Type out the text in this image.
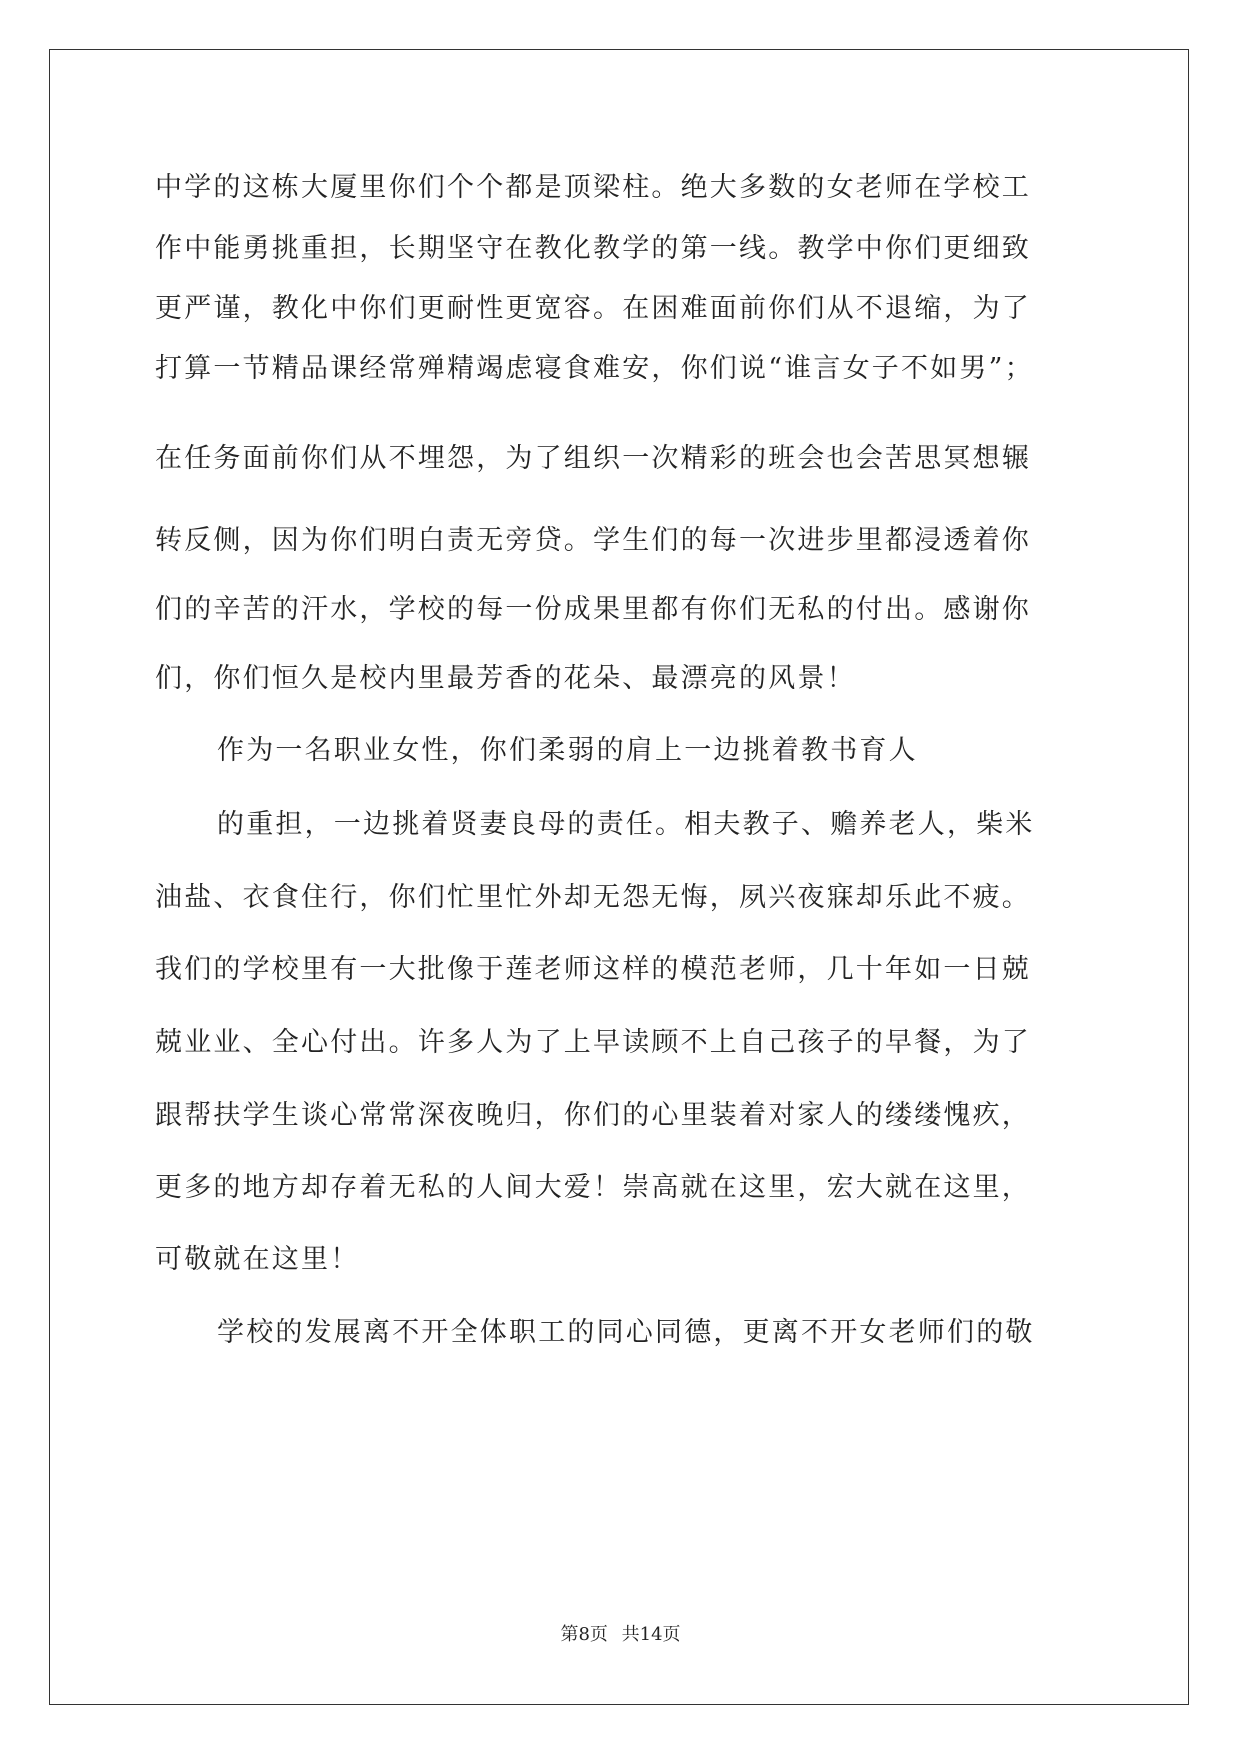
中学的这栋大厦里你们个个都是顶梁柱。绝大多数的女老师在学校工
作中能勇挑重担，长期坚守在教化教学的第一线。教学中你们更细致
更严谨，教化中你们更耐性更宽容。在困难面前你们从不退缩，为了
打算一节精品课经常殚精竭虑寝食难安，你们说“谁言女子不如男”；
在任务面前你们从不埋怨，为了组织一次精彩的班会也会苦思冥想辗
转反侧，因为你们明白责无旁贷。学生们的每一次进步里都浸透着你
们的辛苦的汗水，学校的每一份成果里都有你们无私的付出。感谢你
们，你们恒久是校内里最芳香的花朵、最漂亮的风景！
作为一名职业女性，你们柔弱的肩上一边挑着教书育人
的重担，一边挑着贤妻良母的责任。相夫教子、赡养老人，柴米
油盐、衣食住行，你们忙里忙外却无怨无悔，夙兴夜寐却乐此不疲。
我们的学校里有一大批像于莲老师这样的模范老师，几十年如一日兢
兢业业、全心付出。许多人为了上早读顾不上自己孩子的早餐，为了
跟帮扶学生谈心常常深夜晚归，你们的心里装着对家人的缕缕愧疚，
更多的地方却存着无私的人间大爱！崇高就在这里，宏大就在这里，
可敬就在这里！
学校的发展离不开全体职工的同心同德，更离不开女老师们的敬
第8页 共14页
